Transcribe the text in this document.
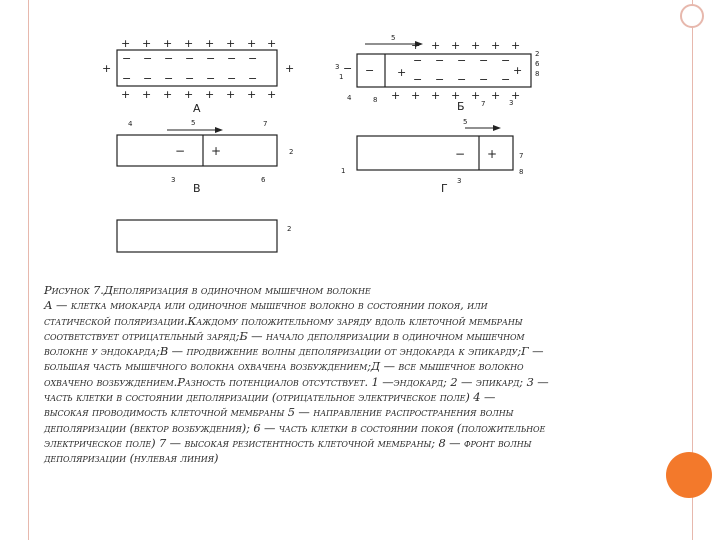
+ + + + + + + +
− − − − − − −
− − − − − − −
+	+
+ + + + + + + +
А
5
− +
−
+ + + + + +
+ + + + + + +
− − − − −
− − − − −
+
3
1
2
6
8
4	8	7	3
Б
5
− +
4	7
2
3	6
В
5
− +
1
7
8
3
Г
2
Рисунок 7.Деполяризация в одиночном мышечном волокне
А — клетка миокарда или одиночное мышечное волокно в состоянии покоя, или
статической поляризации.Каждому положительному заряду вдоль клеточной мембраны
соответствует отрицательный заряд;Б — начало деполяризации в одиночном мышечном
волокне у эндокарда;В — продвижение волны деполяризации от эндокарда к эпикарду;Г —
большая часть мышечного волокна охвачена возбуждением;Д — все мышечное волокно
охвачено возбуждением.Разность потенциалов отсутствует. 1 —эндокард; 2 — эпикард; 3 —
часть клетки в состоянии деполяризации (отрицательное электрическое поле) 4 —
высокая проводимость клеточной мембраны 5 — направление распространения волны
деполяризации (вектор возбуждения); 6 — часть клетки в состоянии покоя (положительное
электрическое поле) 7 — высокая резистентность клеточной мембраны; 8 — фронт волны
деполяризации (нулевая линия)
